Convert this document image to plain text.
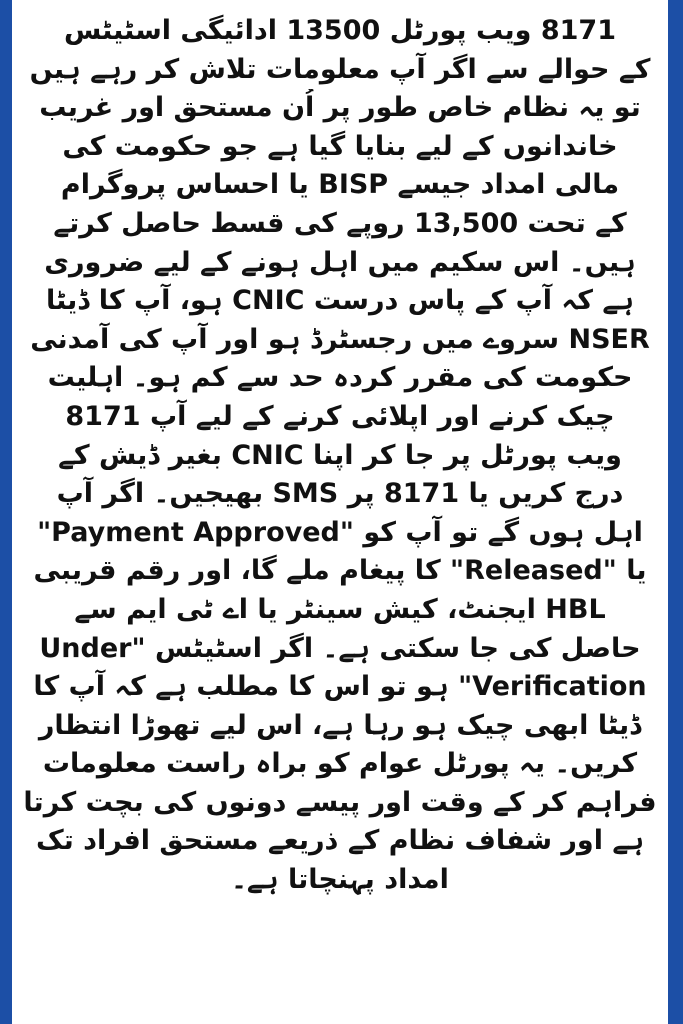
8171 ویب پورٹل 13500 ادائیگی اسٹیٹس
کے حوالے سے اگر آپ معلومات تلاش کر رہے ہیں
تو یہ نظام خاص طور پر اُن مستحق اور غریب
خاندانوں کے لیے بنایا گیا ہے جو حکومت کی
مالی امداد جیسے BISP یا احساس پروگرام
کے تحت 13,500 روپے کی قسط حاصل کرتے
ہیں۔ اس سکیم میں اہل ہونے کے لیے ضروری
ہے کہ آپ کے پاس درست CNIC ہو، آپ کا ڈیٹا
NSER سروے میں رجسٹرڈ ہو اور آپ کی آمدنی
حکومت کی مقرر کردہ حد سے کم ہو۔ اہلیت
چیک کرنے اور اپلائی کرنے کے لیے آپ 8171
ویب پورٹل پر جا کر اپنا CNIC بغیر ڈیش کے
درج کریں یا 8171 پر SMS بھیجیں۔ اگر آپ
اہل ہوں گے تو آپ کو "Payment Approved"
یا "Released" کا پیغام ملے گا، اور رقم قریبی
HBL ایجنٹ، کیش سینٹر یا اے ٹی ایم سے
حاصل کی جا سکتی ہے۔ اگر اسٹیٹس "Under
Verification" ہو تو اس کا مطلب ہے کہ آپ کا
ڈیٹا ابھی چیک ہو رہا ہے، اس لیے تھوڑا انتظار
کریں۔ یہ پورٹل عوام کو براہ راست معلومات
فراہم کر کے وقت اور پیسے دونوں کی بچت کرتا
ہے اور شفاف نظام کے ذریعے مستحق افراد تک
امداد پہنچاتا ہے۔
